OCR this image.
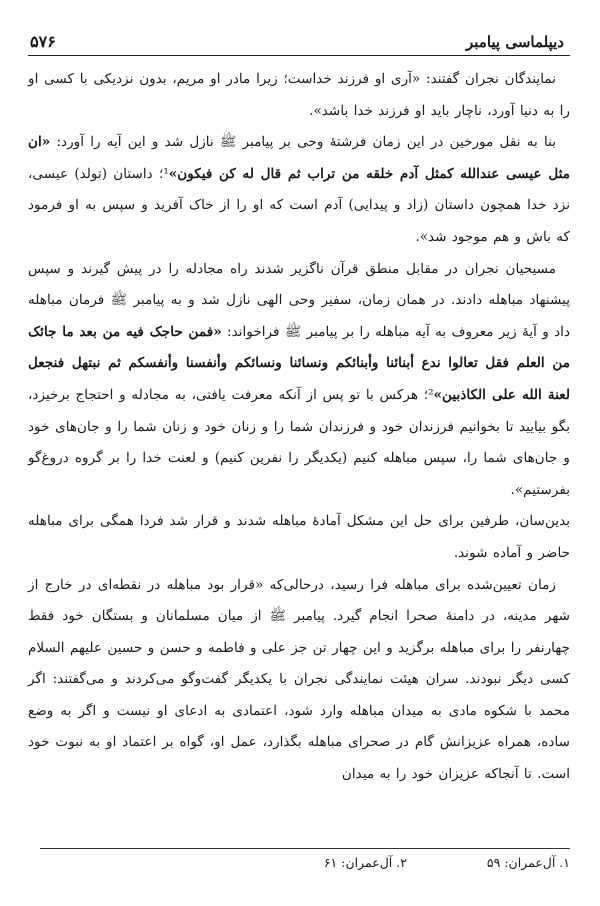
دیپلماسی پیامبر
۵۷۶

نمایندگان نجران گفتند: «آری او فرزند خداست؛ زیرا مادر او مریم، بدون نزدیکی با کسی او را به دنیا آورد، ناچار باید او فرزند خدا باشد».

بنا به نقل مورخین در این زمان فرشتۀ وحی بر پیامبر ﷺ نازل شد و این آیه را آورد: «ان مثل عیسی عندالله کمثل آدم خلقه من تراب ثم قال له کن فیکون»¹؛ داستان (تولد) عیسی، نزد خدا همچون داستان (زاد و پیدایی) آدم است که او را از خاک آفرید و سپس به او فرمود که باش و هم موجود شد».

مسیحیان نجران در مقابل منطق قرآن ناگزیر شدند راه مجادله را در پیش گیرند و سپس پیشنهاد مباهله دادند. در همان زمان، سفیر وحی الهی نازل شد و به پیامبر ﷺ فرمان مباهله داد و آیۀ زیر معروف به آیه مباهله را بر پیامبر ﷺ فراخواند: «فمن حاجک فیه من بعد ما جائک من العلم فقل تعالوا ندع أبنائنا وأبنائکم ونسائنا ونسائکم وأنفسنا وأنفسکم ثم نبتهل فنجعل لعنة الله علی الکاذبین»²؛ هرکس با تو پس از آنکه معرفت یافتی، به مجادله و احتجاج برخیزد، بگو بیایید تا بخوانیم فرزندان خود و فرزندان شما را و زنان خود و زنان شما را و جان‌های خود و جان‌های شما را، سپس مباهله کنیم (یکدیگر را نفرین کنیم) و لعنت خدا را بر گروه دروغ‌گو بفرستیم».

بدین‌سان، طرفین برای حل این مشکل آمادۀ مباهله شدند و قرار شد فردا همگی برای مباهله حاضر و آماده شوند.

زمان تعیین‌شده برای مباهله فرا رسید، درحالی‌که «قرار بود مباهله در نقطه‌ای در خارج از شهر مدینه، در دامنۀ صحرا انجام گیرد. پیامبر ﷺ از میان مسلمانان و بستگان خود فقط چهارنفر را برای مباهله برگزید و این چهار تن جز علی و فاطمه و حسن و حسین علیهم السلام کسی دیگر نبودند. سران هیئت نمایندگی نجران با یکدیگر گفت‌وگو می‌کردند و می‌گفتند: اگر محمد با شکوه مادی به میدان مباهله وارد شود، اعتمادی به ادعای او نیست و اگر به وضع ساده، همراه عزیزانش گام در صحرای مباهله بگذارد، عمل او، گواه بر اعتماد او به نبوت خود است. تا آنجاکه عزیزان خود را به میدان

۱. آل‌عمران: ۵۹
۲. آل‌عمران: ۶۱
